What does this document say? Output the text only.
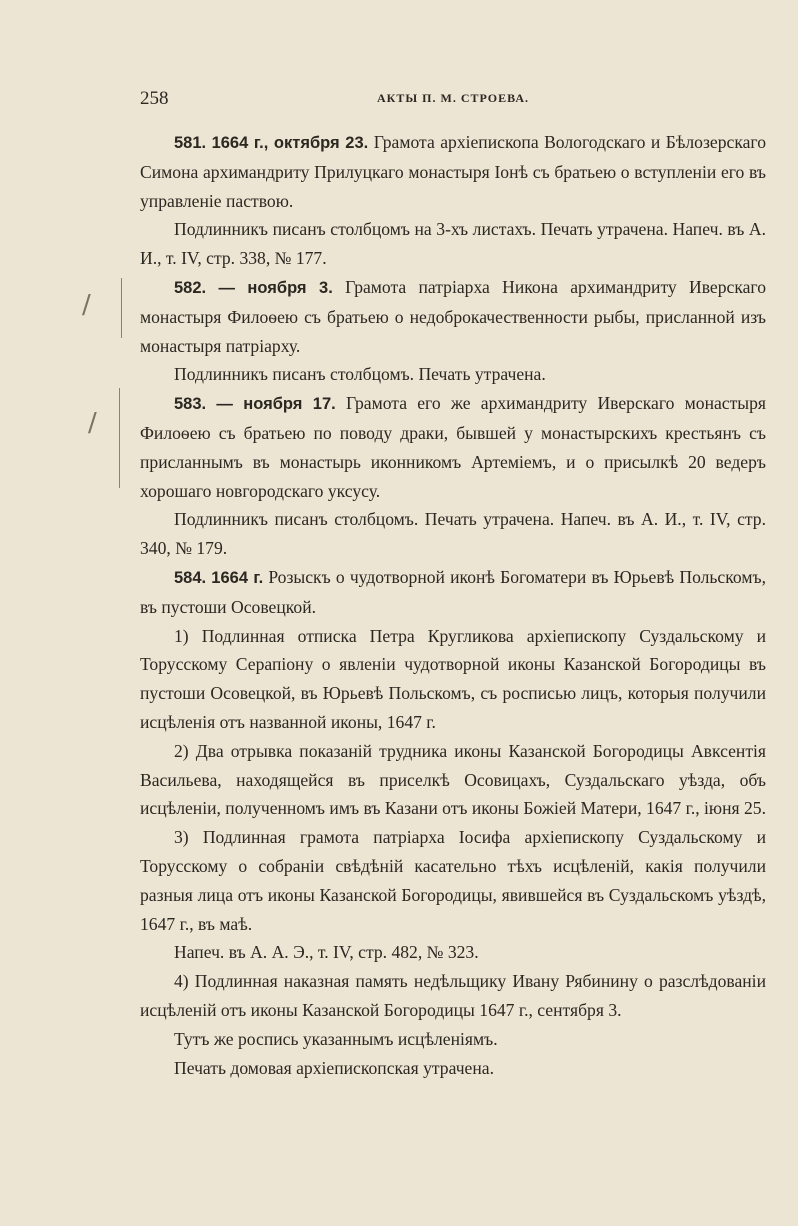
258	АКТЫ П. М. СТРОЕВА.
/
/

581. 1664 г., октября 23. Грамота архіепископа Вологодскаго и Бѣлозерскаго Симона архимандриту Прилуцкаго монастыря Іонѣ съ братьею о вступленіи его въ управленіе паствою.

Подлинникъ писанъ столбцомъ на 3-хъ листахъ. Печать утрачена. Напеч. въ А. И., т. IV, стр. 338, № 177.

582. — ноября 3. Грамота патріарха Никона архимандриту Иверскаго монастыря Филоѳею съ братьею о недоброкачественности рыбы, присланной изъ монастыря патріарху.

Подлинникъ писанъ столбцомъ. Печать утрачена.

583. — ноября 17. Грамота его же архимандриту Иверскаго монастыря Филоѳею съ братьею по поводу драки, бывшей у монастырскихъ крестьянъ съ присланнымъ въ монастырь иконникомъ Артеміемъ, и о присылкѣ 20 ведеръ хорошаго новгородскаго уксусу.

Подлинникъ писанъ столбцомъ. Печать утрачена. Напеч. въ А. И., т. IV, стр. 340, № 179.

584. 1664 г. Розыскъ о чудотворной иконѣ Богоматери въ Юрьевѣ Польскомъ, въ пустоши Осовецкой.

1) Подлинная отписка Петра Кругликова архіепископу Суздальскому и Торусскому Серапіону о явленіи чудотворной иконы Казанской Богородицы въ пустоши Осовецкой, въ Юрьевѣ Польскомъ, съ росписью лицъ, которыя получили исцѣленія отъ названной иконы, 1647 г.

2) Два отрывка показаній трудника иконы Казанской Богородицы Авксентія Васильева, находящейся въ приселкѣ Осовицахъ, Суздальскаго уѣзда, объ исцѣленіи, полученномъ имъ въ Казани отъ иконы Божіей Матери, 1647 г., іюня 25.

3) Подлинная грамота патріарха Іосифа архіепископу Суздальскому и Торусскому о собраніи свѣдѣній касательно тѣхъ исцѣленій, какія получили разныя лица отъ иконы Казанской Богородицы, явившейся въ Суздальскомъ уѣздѣ, 1647 г., въ маѣ.

Напеч. въ А. А. Э., т. IV, стр. 482, № 323.

4) Подлинная наказная память недѣльщику Ивану Рябинину о разслѣдованіи исцѣленій отъ иконы Казанской Богородицы 1647 г., сентября 3.

Тутъ же роспись указаннымъ исцѣленіямъ.

Печать домовая архіепископская утрачена.
